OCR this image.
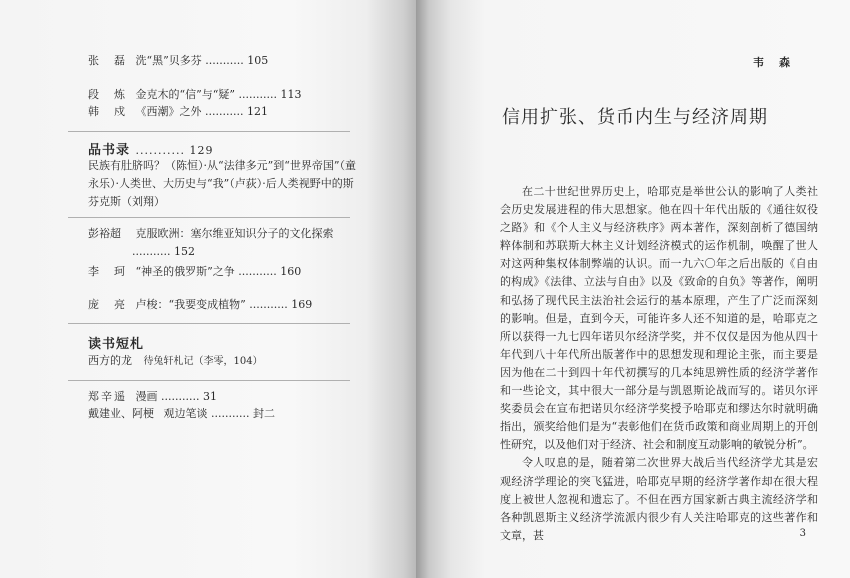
张　磊 洗“黑”贝多芬 ........... 105
段　炼 金克木的“信”与“疑” ........... 113
韩　戍 《西潮》之外 ........... 121
品书录 ........... 129
民族有肚脐吗？（陈恒）·从“法律多元”到“世界帝国”（童永乐）·人类世、大历史与“我”（卢荻）·后人类视野中的斯芬克斯（刘翔）
彭裕超 克服欧洲：塞尔维亚知识分子的文化探索
........... 152
李　珂 “神圣的俄罗斯”之争 ........... 160
庞　亮 卢梭：“我要变成植物” ........... 169
读书短札
西方的龙 待兔轩札记（李零，104）
郑辛遥 漫画 ........... 31
戴建业、阿梗 观边笔谈 ........... 封二
韦　森
信用扩张、货币内生与经济周期

在二十世纪世界历史上，哈耶克是举世公认的影响了人类社会历史发展进程的伟大思想家。他在四十年代出版的《通往奴役之路》和《个人主义与经济秩序》两本著作，深刻剖析了德国纳粹体制和苏联斯大林主义计划经济模式的运作机制，唤醒了世人对这两种集权体制弊端的认识。而一九六〇年之后出版的《自由的构成》《法律、立法与自由》以及《致命的自负》等著作，阐明和弘扬了现代民主法治社会运行的基本原理，产生了广泛而深刻的影响。但是，直到今天，可能许多人还不知道的是，哈耶克之所以获得一九七四年诺贝尔经济学奖，并不仅仅是因为他从四十年代到八十年代所出版著作中的思想发现和理论主张，而主要是因为他在二十到四十年代初撰写的几本纯思辨性质的经济学著作和一些论文，其中很大一部分是与凯恩斯论战而写的。诺贝尔评奖委员会在宣布把诺贝尔经济学奖授予哈耶克和缪达尔时就明确指出，颁奖给他们是为“表彰他们在货币政策和商业周期上的开创性研究，以及他们对于经济、社会和制度互动影响的敏锐分析”。

令人叹息的是，随着第二次世界大战后当代经济学尤其是宏观经济学理论的突飞猛进，哈耶克早期的经济学著作却在很大程度上被世人忽视和遗忘了。不但在西方国家新古典主流经济学和各种凯恩斯主义经济学流派内很少有人关注哈耶克的这些著作和文章，甚	3
